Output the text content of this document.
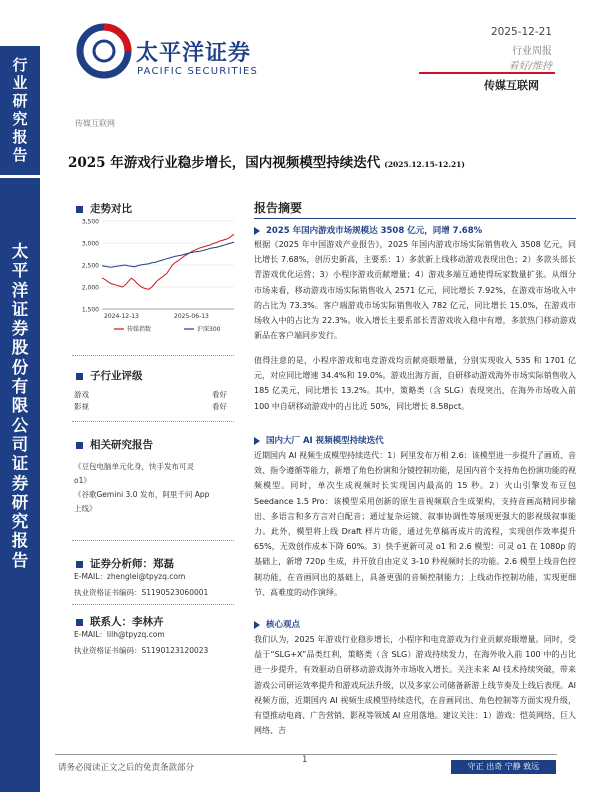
太平洋证券
PACIFIC SECURITIES
2025-12-21
行业周报
看好/维持
传媒互联网
行
业
研
究
报
告
太
平
洋
证
券
股
份
有
限
公
司
证
券
研
究
报
告
传媒互联网
2025 年游戏行业稳步增长，国内视频模型持续迭代 (2025.12.15-12.21)
走势对比
1,500
2,000
2,500
3,000
3,500
2024-12-13	2025-06-13
传媒指数	沪深300
子行业评级
游戏	看好
影视	看好
相关研究报告
《豆包电脑单元化身，快手发布可灵
o1》
《谷歌Gemini 3.0 发布，阿里千问 App
上线》
证券分析师：郑磊
E-MAIL：zhenglei@tpyzq.com
执业资格证书编码：S1190523060001
联系人：李林卉
E-MAIL：lilh@tpyzq.com
执业资格证书编码：S1190123120023
报告摘要
2025 年国内游戏市场规模达 3508 亿元，同增 7.68%
根据《2025 年中国游戏产业报告》，2025 年国内游戏市场实际销售收入 3508 亿元，同比增长 7.68%，创历史新高，主要系：1）多款新上线移动游戏表现出色；2）多款头部长青游戏优化运营；3）小程序游戏贡献增量；4）游戏多端互通使得玩家数量扩张。从细分市场来看，移动游戏市场实际销售收入 2571 亿元，同比增长 7.92%，在游戏市场收入中的占比为 73.3%。客户端游戏市场实际销售收入 782 亿元，同比增长 15.0%，在游戏市场收入中的占比为 22.3%。收入增长主要系部长青游戏收入稳中有增，多款热门移动游戏新品在客户端同步发行。
值得注意的是，小程序游戏和电竞游戏均贡献亮眼增量，分别实现收入 535 和 1701 亿元，对应同比增速 34.4%和 19.0%。游戏出海方面，自研移动游戏海外市场实际销售收入 185 亿美元，同比增长 13.2%。其中，策略类（含 SLG）表现突出，在海外市场收入前 100 中自研移动游戏中的占比近 50%，同比增长 8.58pct。
国内大厂 AI 视频模型持续迭代
近期国内 AI 视频生成模型持续迭代：1）阿里发布万相 2.6：该模型进一步提升了画质、音效、指令遵循等能力，新增了角色扮演和分镜控制功能，是国内首个支持角色扮演功能的视频模型。同时，单次生成视频时长实现国内最高的 15 秒。2）火山引擎发布豆包 Seedance 1.5 Pro：该模型采用创新的原生音视频联合生成架构，支持音画高精同步输出、多语言和多方言对白配音；通过复杂运镜、叙事协调性等展现更强大的影视级叙事能力。此外，模型将上线 Draft 样片功能，通过先草稿再成片的流程，实现创作效率提升 65%，无效创作成本下降 60%。3）快手更新可灵 o1 和 2.6 模型：可灵 o1 在 1080p 的基础上，新增 720p 生成，并开放自由定义 3-10 秒视频时长的功能。2.6 模型上线音色控制功能，在音画同出的基础上，具备更强的音频控制能力；上线动作控制功能，实现更细节、高难度的动作演绎。
核心观点
我们认为，2025 年游戏行业稳步增长，小程序和电竞游戏为行业贡献亮眼增量。同时，受益于“SLG+X”品类红利，策略类（含 SLG）游戏持续发力，在海外收入前 100 中的占比进一步提升，有效驱动自研移动游戏海外市场收入增长。关注未来 AI 技术持续突破，带来游戏公司研运效率提升和游戏玩法升级，以及多家公司储备新游上线节奏及上线后表现。AI 视频方面，近期国内 AI 视频生成模型持续迭代，在音画同出、角色控制等方面实现升级，有望推动电商、广告营销、影视等领域 AI 应用落地。建议关注：1）游戏：恺英网络、巨人网络、吉
请务必阅读正文之后的免责条款部分
1
守正 出奇 宁静 致远
